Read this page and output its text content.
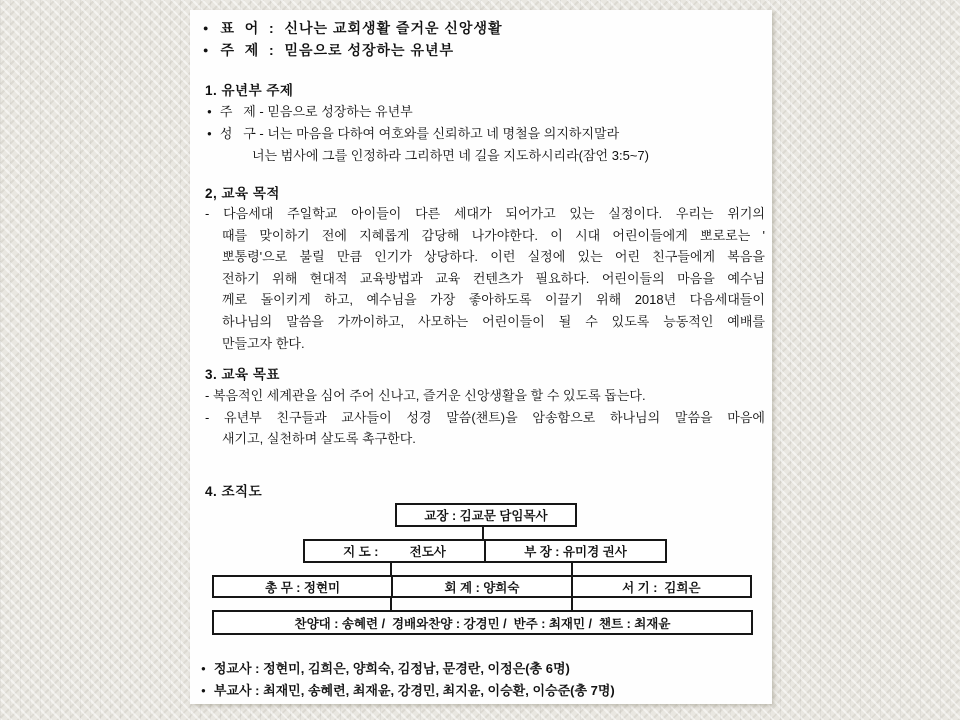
● 표  어  :  신나는 교회생활 즐거운 신앙생활
● 주  제  :  믿음으로 성장하는 유년부
1. 유년부 주제
● 주   제 - 믿음으로 성장하는 유년부
● 성   구 - 너는 마음을 다하여 여호와를 신뢰하고 네 명철을 의지하지말라
너는 범사에 그를 인정하라 그리하면 네 길을 지도하시리라(잠언 3:5~7)
2, 교육 목적
- 다음세대 주일학교 아이들이 다른 세대가 되어가고 있는 실정이다. 우리는 위기의
때를 맞이하기 전에 지혜롭게 감당해 나가야한다. 이 시대 어린이들에게 뽀로로는 '
뽀통령'으로 불릴 만큼 인기가 상당하다. 이런 실정에 있는 어린 친구들에게 복음을
전하기 위해 현대적 교육방법과 교육 컨텐츠가 필요하다. 어린이들의 마음을 예수님
께로 돌이키게 하고, 예수님을 가장 좋아하도록 이끌기 위해 2018년 다음세대들이
하나님의 말씀을 가까이하고, 사모하는 어린이들이 될 수 있도록 능동적인 예배를
만들고자 한다.
3. 교육 목표
- 복음적인 세계관을 심어 주어 신나고, 즐거운 신앙생활을 할 수 있도록 돕는다.
- 유년부 친구들과 교사들이 성경 말씀(챈트)을 암송함으로 하나님의 말씀을 마음에
새기고, 실천하며 살도록 촉구한다.
4. 조직도
교장 : 김교문 담임목사
지 도 :         전도사	부 장 : 유미경 권사
총 무 : 정현미	회 계 : 양희숙	서 기 :  김희은
찬양대 : 송혜련 /  경배와찬양 : 강경민 /  반주 : 최재민 /  챈트 : 최재윤
● 정교사 : 정현미, 김희은, 양희숙, 김정남, 문경란, 이정은(총 6명)
● 부교사 : 최재민, 송혜련, 최재윤, 강경민, 최지윤, 이승환, 이승준(총 7명)
